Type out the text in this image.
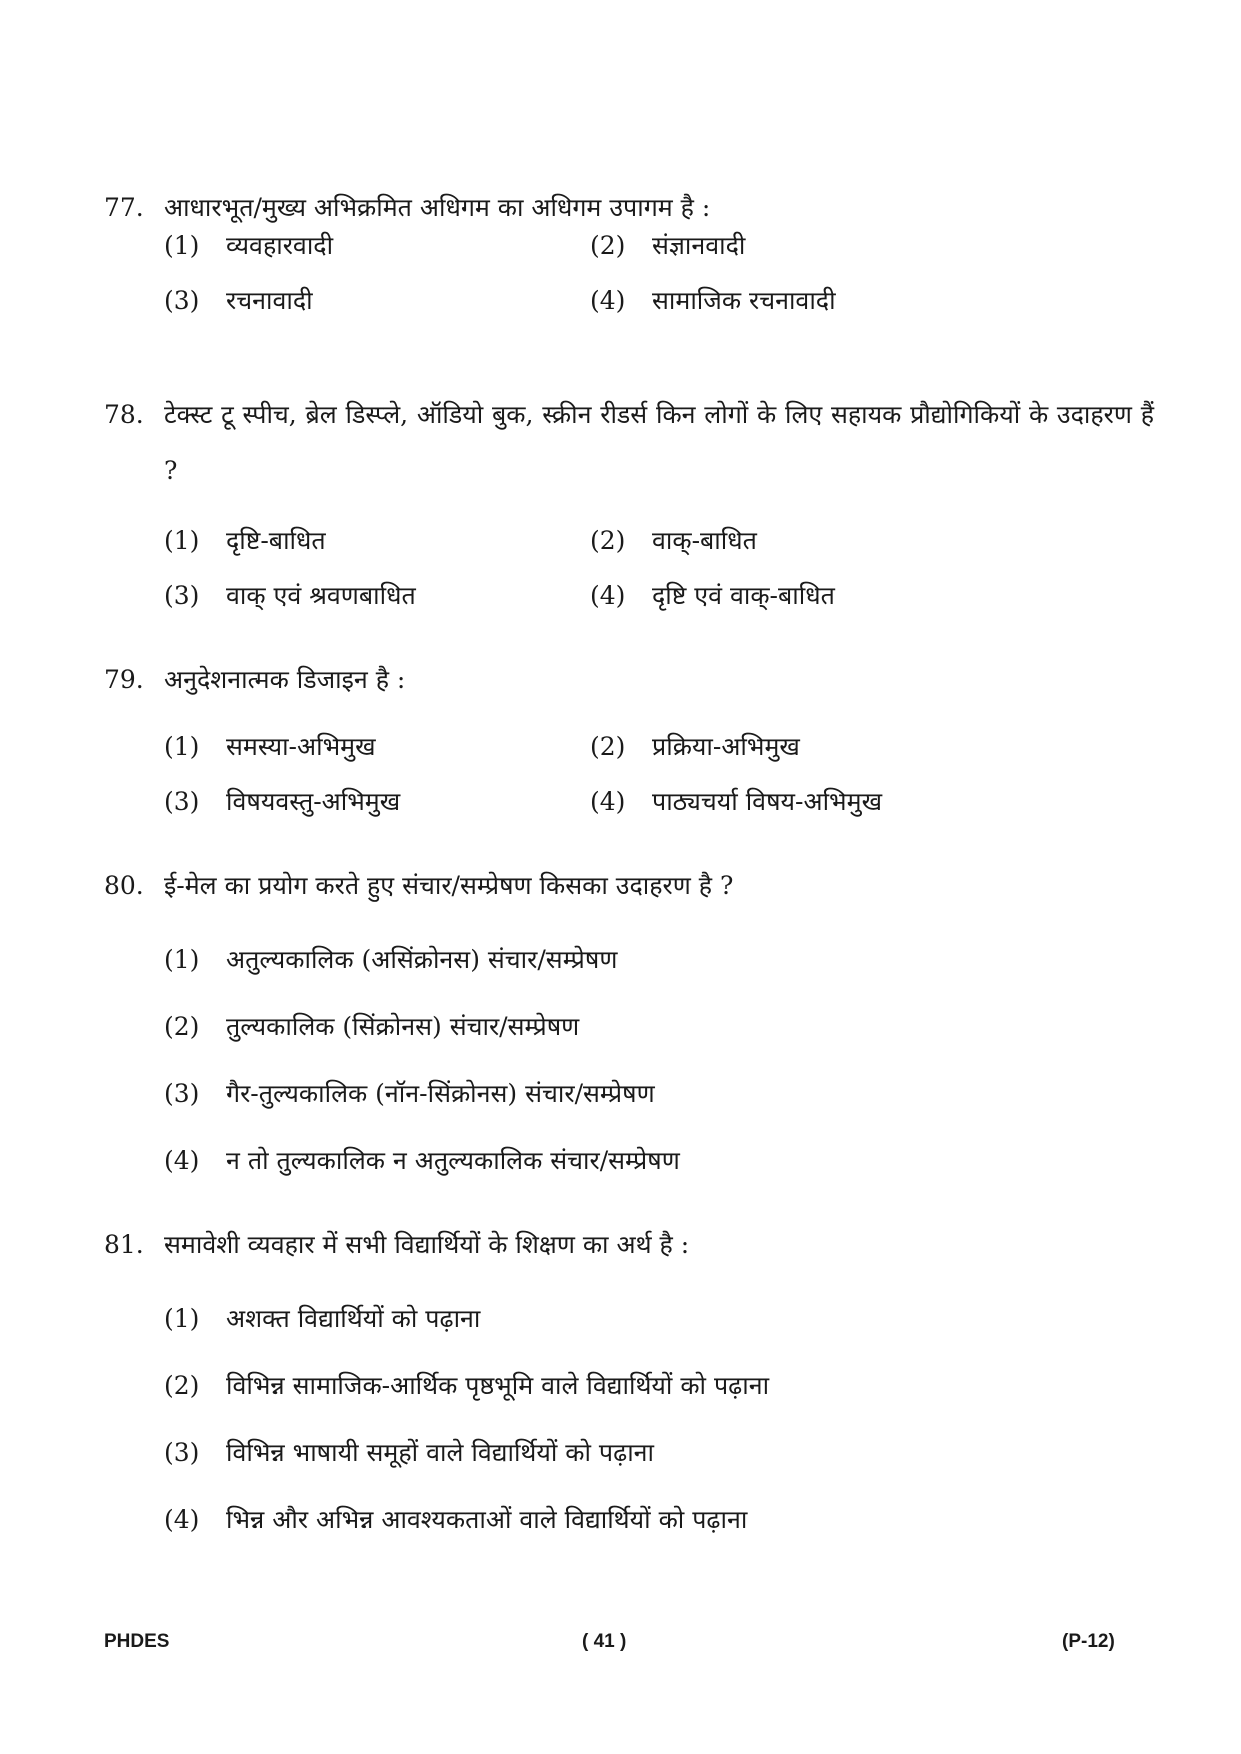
77. आधारभूत/मुख्य अभिक्रमित अधिगम का अधिगम उपागम है :
(1) व्यवहारवादी	(2) संज्ञानवादी
(3) रचनावादी	(4) सामाजिक रचनावादी
78. टेक्स्ट टू स्पीच, ब्रेल डिस्प्ले, ऑडियो बुक, स्क्रीन रीडर्स किन लोगों के लिए सहायक प्रौद्योगिकियों के उदाहरण हैं ?
(1) दृष्टि-बाधित	(2) वाक्-बाधित
(3) वाक् एवं श्रवणबाधित	(4) दृष्टि एवं वाक्-बाधित
79. अनुदेशनात्मक डिजाइन है :
(1) समस्या-अभिमुख	(2) प्रक्रिया-अभिमुख
(3) विषयवस्तु-अभिमुख	(4) पाठ्यचर्या विषय-अभिमुख
80. ई-मेल का प्रयोग करते हुए संचार/सम्प्रेषण किसका उदाहरण है ?
(1) अतुल्यकालिक (असिंक्रोनस) संचार/सम्प्रेषण
(2) तुल्यकालिक (सिंक्रोनस) संचार/सम्प्रेषण
(3) गैर-तुल्यकालिक (नॉन-सिंक्रोनस) संचार/सम्प्रेषण
(4) न तो तुल्यकालिक न अतुल्यकालिक संचार/सम्प्रेषण
81. समावेशी व्यवहार में सभी विद्यार्थियों के शिक्षण का अर्थ है :
(1) अशक्त विद्यार्थियों को पढ़ाना
(2) विभिन्न सामाजिक-आर्थिक पृष्ठभूमि वाले विद्यार्थियों को पढ़ाना
(3) विभिन्न भाषायी समूहों वाले विद्यार्थियों को पढ़ाना
(4) भिन्न और अभिन्न आवश्यकताओं वाले विद्यार्थियों को पढ़ाना
PHDES	( 41 )	(P-12)
